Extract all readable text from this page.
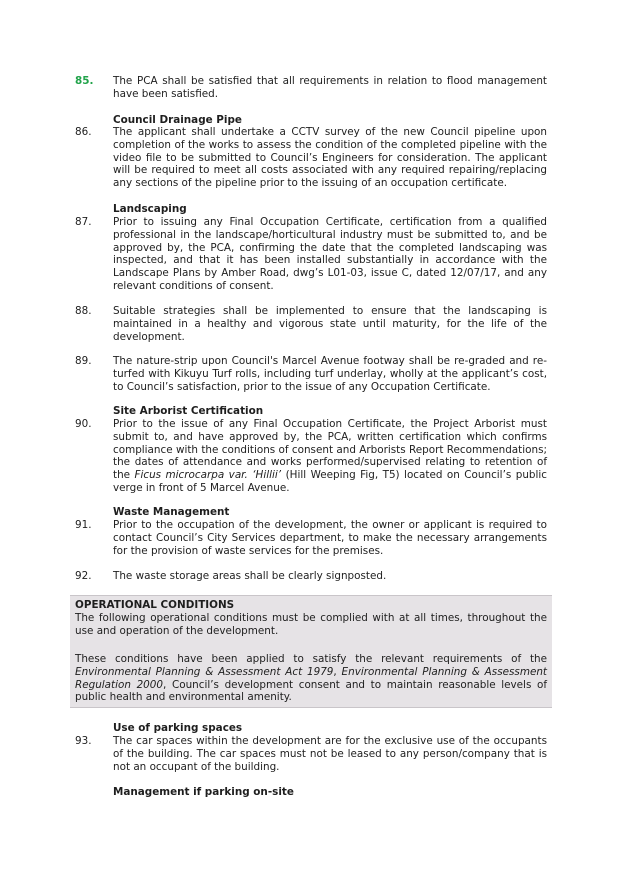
85. The PCA shall be satisfied that all requirements in relation to flood management have been satisfied.
Council Drainage Pipe
86. The applicant shall undertake a CCTV survey of the new Council pipeline upon completion of the works to assess the condition of the completed pipeline with the video file to be submitted to Council’s Engineers for consideration. The applicant will be required to meet all costs associated with any required repairing/replacing any sections of the pipeline prior to the issuing of an occupation certificate.
Landscaping
87. Prior to issuing any Final Occupation Certificate, certification from a qualified professional in the landscape/horticultural industry must be submitted to, and be approved by, the PCA, confirming the date that the completed landscaping was inspected, and that it has been installed substantially in accordance with the Landscape Plans by Amber Road, dwg’s L01-03, issue C, dated 12/07/17, and any relevant conditions of consent.
88. Suitable strategies shall be implemented to ensure that the landscaping is maintained in a healthy and vigorous state until maturity, for the life of the development.
89. The nature-strip upon Council's Marcel Avenue footway shall be re-graded and re-turfed with Kikuyu Turf rolls, including turf underlay, wholly at the applicant’s cost, to Council’s satisfaction, prior to the issue of any Occupation Certificate.
Site Arborist Certification
90. Prior to the issue of any Final Occupation Certificate, the Project Arborist must submit to, and have approved by, the PCA, written certification which confirms compliance with the conditions of consent and Arborists Report Recommendations; the dates of attendance and works performed/supervised relating to retention of the Ficus microcarpa var. ‘Hillii’ (Hill Weeping Fig, T5) located on Council’s public verge in front of 5 Marcel Avenue.
Waste Management
91. Prior to the occupation of the development, the owner or applicant is required to contact Council’s City Services department, to make the necessary arrangements for the provision of waste services for the premises.
92. The waste storage areas shall be clearly signposted.
OPERATIONAL CONDITIONS
The following operational conditions must be complied with at all times, throughout the use and operation of the development.
These conditions have been applied to satisfy the relevant requirements of the Environmental Planning & Assessment Act 1979, Environmental Planning & Assessment Regulation 2000, Council’s development consent and to maintain reasonable levels of public health and environmental amenity.
Use of parking spaces
93. The car spaces within the development are for the exclusive use of the occupants of the building. The car spaces must not be leased to any person/company that is not an occupant of the building.
Management if parking on-site
